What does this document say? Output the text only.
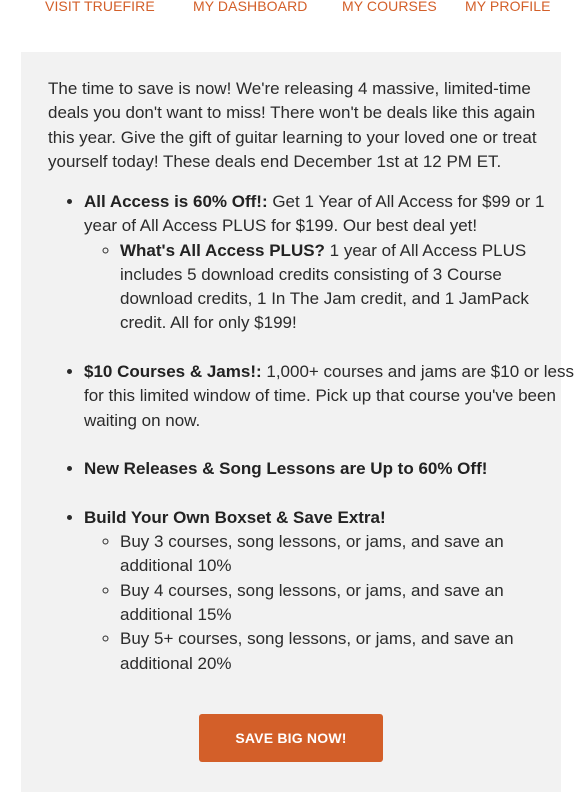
VISIT TRUEFIRE	MY DASHBOARD MY COURSES MY PROFILE

The time to save is now! We're releasing 4 massive, limited-time deals you don't want to miss! There won't be deals like this again this year. Give the gift of guitar learning to your loved one or treat yourself today! These deals end December 1st at 12 PM ET.

• All Access is 60% Off!: Get 1 Year of All Access for $99 or 1 year of All Access PLUS for $199. Our best deal yet!
◦ What's All Access PLUS? 1 year of All Access PLUS includes 5 download credits consisting of 3 Course download credits, 1 In The Jam credit, and 1 JamPack credit. All for only $199!
• $10 Courses & Jams!: 1,000+ courses and jams are $10 or less for this limited window of time. Pick up that course you've been waiting on now.
• New Releases & Song Lessons are Up to 60% Off!
• Build Your Own Boxset & Save Extra!
◦ Buy 3 courses, song lessons, or jams, and save an additional 10%
◦ Buy 4 courses, song lessons, or jams, and save an additional 15%
◦ Buy 5+ courses, song lessons, or jams, and save an additional 20%
SAVE BIG NOW!
